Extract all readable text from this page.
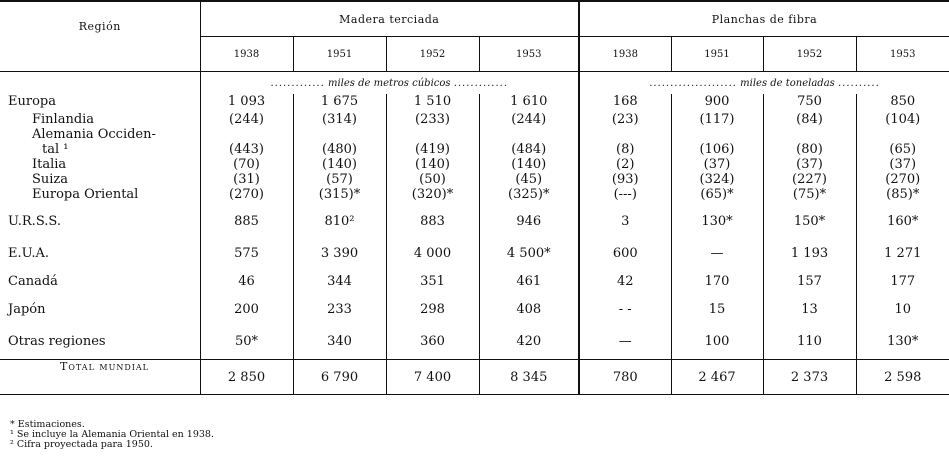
Región	Madera terciada				Planchas de fibra			
	1938	1951	1952	1953	1938	1951	1952	1953
	............. miles de metros cúbicos .............				..................... miles de toneladas ..........			
Europa	1 093	1 675	1 510	1 610	168	900	750	850
Finlandia	(244)	(314)	(233)	(244)	(23)	(117)	(84)	(104)

Alemania Occiden-
tal ¹	(443)	(480)	(419)	(484)	(8)	(106)	(80)	(65)
Italia	(70)	(140)	(140)	(140)	(2)	(37)	(37)	(37)
Suiza	(31)	(57)	(50)	(45)	(93)	(324)	(227)	(270)
Europa Oriental	(270)	(315)*	(320)*	(325)*	(---)	(65)*	(75)*	(85)*
U.R.S.S.	885	810²	883	946	3	130*	150*	160*
E.U.A.	575	3 390	4 000	4 500*	600	—	1 193	1 271
Canadá	46	344	351	461	42	170	157	177
Japón	200	233	298	408	- -	15	13	10
Otras regiones	50*	340	360	420	—	100	110	130*
Total mundial	2 850	6 790	7 400	8 345	780	2 467	2 373	2 598
* Estimaciones.
¹ Se incluye la Alemania Oriental en 1938.
² Cifra proyectada para 1950.
